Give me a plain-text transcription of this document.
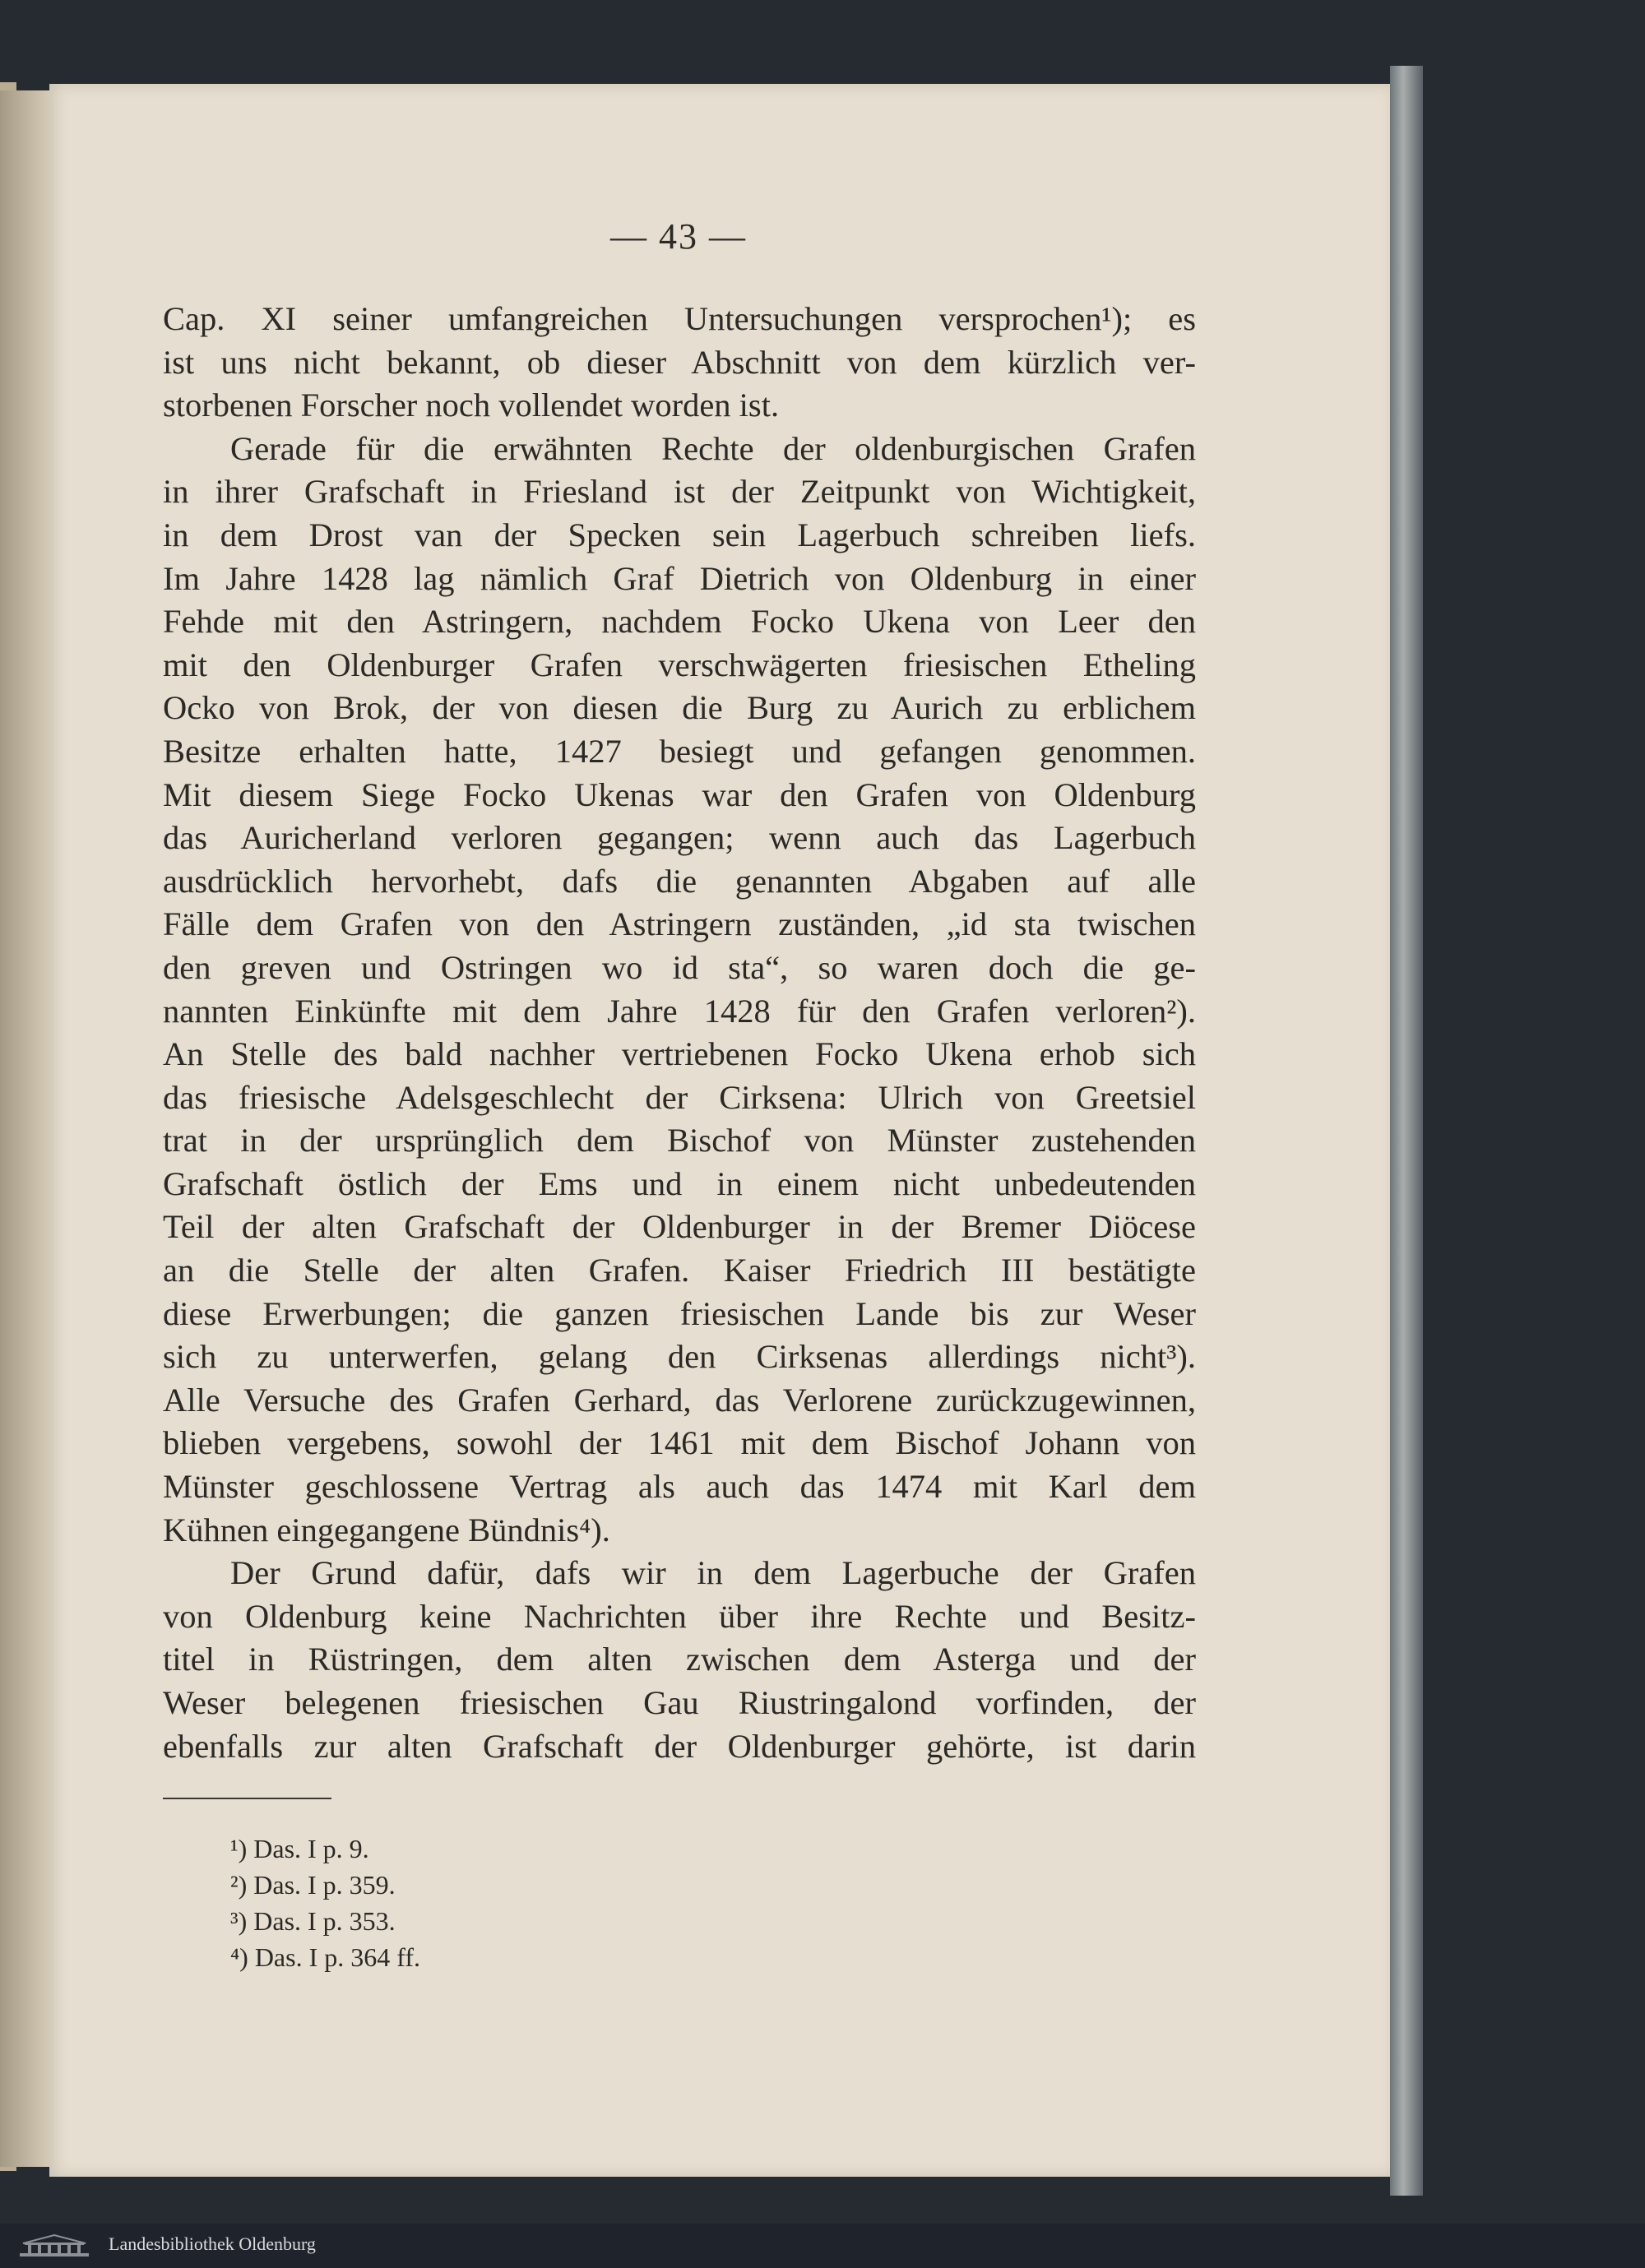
— 43 —
Cap. XI seiner umfangreichen Untersuchungen versprochen¹); es
ist uns nicht bekannt, ob dieser Abschnitt von dem kürzlich ver-
storbenen Forscher noch vollendet worden ist.
Gerade für die erwähnten Rechte der oldenburgischen Grafen
in ihrer Grafschaft in Friesland ist der Zeitpunkt von Wichtigkeit,
in dem Drost van der Specken sein Lagerbuch schreiben liefs.
Im Jahre 1428 lag nämlich Graf Dietrich von Oldenburg in einer
Fehde mit den Astringern, nachdem Focko Ukena von Leer den
mit den Oldenburger Grafen verschwägerten friesischen Etheling
Ocko von Brok, der von diesen die Burg zu Aurich zu erblichem
Besitze erhalten hatte, 1427 besiegt und gefangen genommen.
Mit diesem Siege Focko Ukenas war den Grafen von Oldenburg
das Auricherland verloren gegangen; wenn auch das Lagerbuch
ausdrücklich hervorhebt, dafs die genannten Abgaben auf alle
Fälle dem Grafen von den Astringern zuständen, „id sta twischen
den greven und Ostringen wo id sta“, so waren doch die ge-
nannten Einkünfte mit dem Jahre 1428 für den Grafen verloren²).
An Stelle des bald nachher vertriebenen Focko Ukena erhob sich
das friesische Adelsgeschlecht der Cirksena: Ulrich von Greetsiel
trat in der ursprünglich dem Bischof von Münster zustehenden
Grafschaft östlich der Ems und in einem nicht unbedeutenden
Teil der alten Grafschaft der Oldenburger in der Bremer Diöcese
an die Stelle der alten Grafen. Kaiser Friedrich III bestätigte
diese Erwerbungen; die ganzen friesischen Lande bis zur Weser
sich zu unterwerfen, gelang den Cirksenas allerdings nicht³).
Alle Versuche des Grafen Gerhard, das Verlorene zurückzugewinnen,
blieben vergebens, sowohl der 1461 mit dem Bischof Johann von
Münster geschlossene Vertrag als auch das 1474 mit Karl dem
Kühnen eingegangene Bündnis⁴).
Der Grund dafür, dafs wir in dem Lagerbuche der Grafen
von Oldenburg keine Nachrichten über ihre Rechte und Besitz-
titel in Rüstringen, dem alten zwischen dem Asterga und der
Weser belegenen friesischen Gau Riustringalond vorfinden, der
ebenfalls zur alten Grafschaft der Oldenburger gehörte, ist darin
¹) Das. I p. 9.
²) Das. I p. 359.
³) Das. I p. 353.
⁴) Das. I p. 364 ff.
Landesbibliothek Oldenburg
